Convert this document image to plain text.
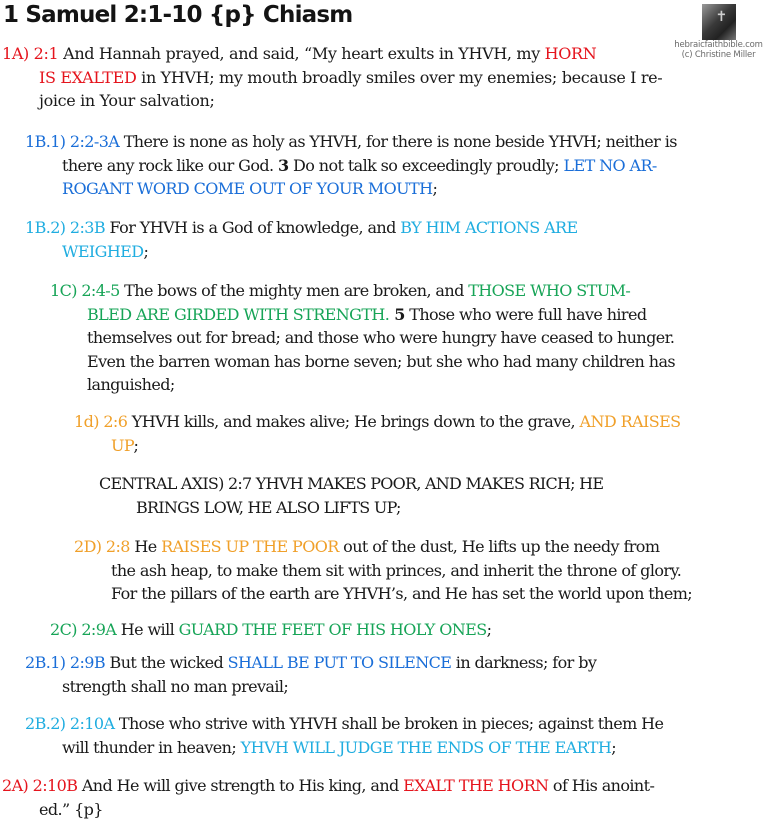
1 Samuel 2:1-10 {p} Chiasm	✝
hebraicfaithbible.com
(c) Christine Miller
1A) 2:1 And Hannah prayed, and said, “My heart exults in YHVH, my HORN
IS EXALTED in YHVH; my mouth broadly smiles over my enemies; because I re-
joice in Your salvation;
1B.1) 2:2-3A There is none as holy as YHVH, for there is none beside YHVH; neither is
there any rock like our God. 3 Do not talk so exceedingly proudly; LET NO AR-
ROGANT WORD COME OUT OF YOUR MOUTH;
1B.2) 2:3B For YHVH is a God of knowledge, and BY HIM ACTIONS ARE
WEIGHED;
1C) 2:4-5 The bows of the mighty men are broken, and THOSE WHO STUM-
BLED ARE GIRDED WITH STRENGTH. 5 Those who were full have hired
themselves out for bread; and those who were hungry have ceased to hunger.
Even the barren woman has borne seven; but she who had many children has
languished;
1d) 2:6 YHVH kills, and makes alive; He brings down to the grave, AND RAISES
UP;
CENTRAL AXIS) 2:7 YHVH MAKES POOR, AND MAKES RICH; HE
BRINGS LOW, HE ALSO LIFTS UP;
2D) 2:8 He RAISES UP THE POOR out of the dust, He lifts up the needy from
the ash heap, to make them sit with princes, and inherit the throne of glory.
For the pillars of the earth are YHVH’s, and He has set the world upon them;
2C) 2:9A He will GUARD THE FEET OF HIS HOLY ONES;
2B.1) 2:9B But the wicked SHALL BE PUT TO SILENCE in darkness; for by
strength shall no man prevail;
2B.2) 2:10A Those who strive with YHVH shall be broken in pieces; against them He
will thunder in heaven; YHVH WILL JUDGE THE ENDS OF THE EARTH;
2A) 2:10B And He will give strength to His king, and EXALT THE HORN of His anoint-
ed.” {p}
